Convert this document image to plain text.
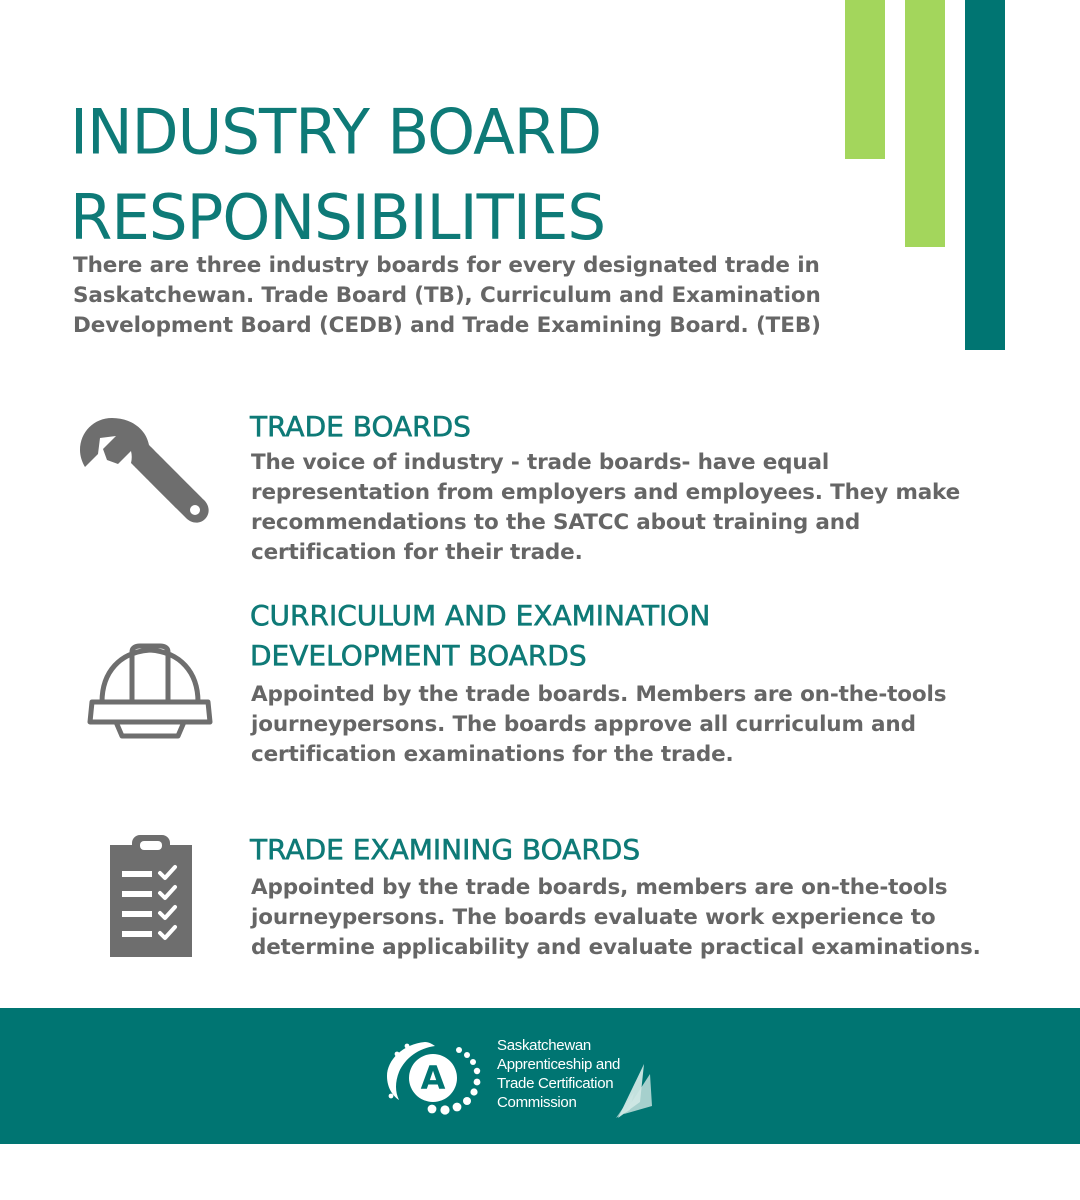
INDUSTRY BOARD
RESPONSIBILITIES

There are three industry boards for every designated trade in Saskatchewan. Trade Board (TB), Curriculum and Examination Development Board (CEDB) and Trade Examining Board. (TEB)

TRADE BOARDS

The voice of industry - trade boards- have equal representation from employers and employees. They make recommendations to the SATCC about training and certification for their trade.

CURRICULUM AND EXAMINATION
DEVELOPMENT BOARDS

Appointed by the trade boards. Members are on-the-tools journeypersons. The boards approve all curriculum and certification examinations for the trade.

TRADE EXAMINING BOARDS

Appointed by the trade boards, members are on-the-tools journeypersons. The boards evaluate work experience to determine applicability and evaluate practical examinations.

A
Saskatchewan
Apprenticeship and
Trade Certification
Commission
